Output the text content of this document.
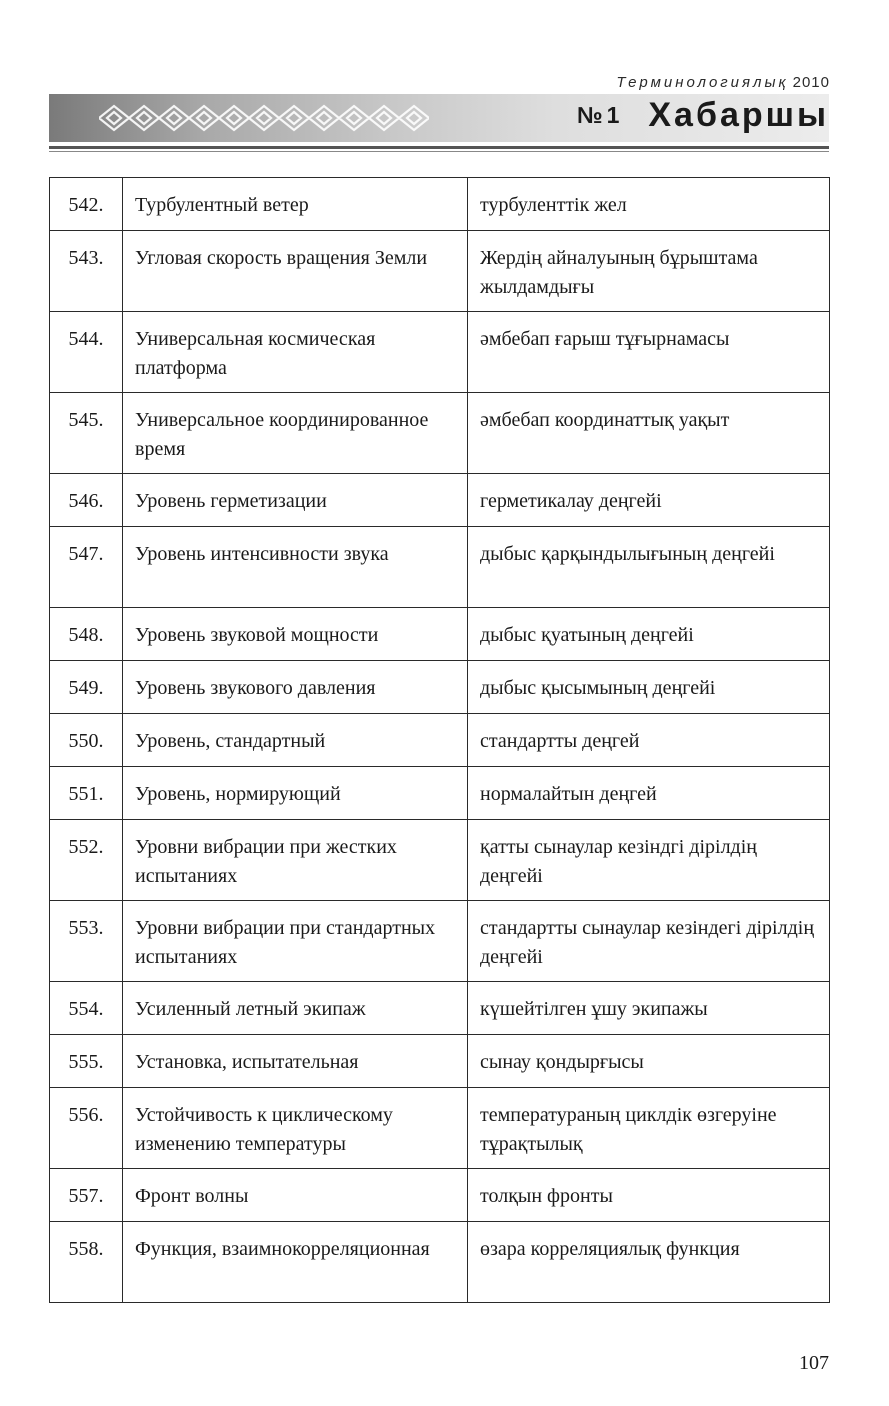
Терминологиялық 2010
№ 1 Хабаршы
542.	Турбулентный ветер	турбуленттік жел
543.	Угловая скорость вращения Земли	Жердің айналуының бұрыштама жылдамдығы
544.	Универсальная космическая платформа	әмбебап ғарыш тұғырнамасы
545.	Универсальное координированное время	әмбебап координаттық уақыт
546.	Уровень герметизации	герметикалау деңгейі
547.	Уровень интенсивности звука	дыбыс қарқындылығының деңгейі
548.	Уровень звуковой мощности	дыбыс қуатының деңгейі
549.	Уровень звукового давления	дыбыс қысымының деңгейі
550.	Уровень, стандартный	стандартты деңгей
551.	Уровень, нормирующий	нормалайтын деңгей
552.	Уровни вибрации при жестких испытаниях	қатты сынаулар кезіндгі дірілдің деңгейі
553.	Уровни вибрации при стандартных испытаниях	стандартты сынаулар кезіндегі дірілдің деңгейі
554.	Усиленный летный экипаж	күшейтілген ұшу экипажы
555.	Установка, испытательная	сынау қондырғысы
556.	Устойчивость к циклическому изменению температуры	температураның циклдік өзгеруіне тұрақтылық
557.	Фронт волны	толқын фронты
558.	Функция, взаимнокорреляционная	өзара корреляциялық функция
107
